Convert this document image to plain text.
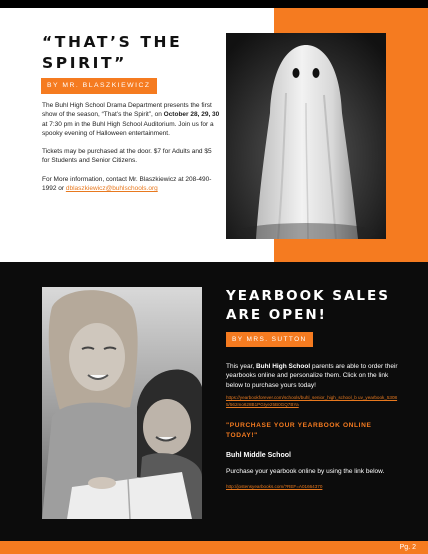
“THAT’S THE
SPIRIT”
BY MR. BLASZKIEWICZ

The Buhl High School Drama Department presents the first show of the season, “That’s the Spirit”, on October 28, 29, 30 at 7:30 pm in the Buhl High School Auditorium. Join us for a spooky evening of Halloween entertainment.

Tickets may be purchased at the door. $7 for Adults and $5 for Students and Senior Citizens.

For More information, contact Mr. Blaszkiewicz at 208-490-1992 or dblaszkiewicz@buhlschools.org

YEARBOOK SALES
ARE OPEN!
BY MRS. SUTTON
This year, Buhl High School parents are able to order their yearbooks online and personalize them. Click on the link below to purchase yours today!
https://yearbookforever.com/schools/buhl_senior_high_school_b uv_yearbook_53085/562mo628B1PGIye25B0GQ7BYa
"PURCHASE YOUR YEARBOOK ONLINE TODAY!"
Buhl Middle School
Purchase your yearbook online by using the link below.
http://jostensyearbooks.com/?REF=A01664370
Pg. 2
